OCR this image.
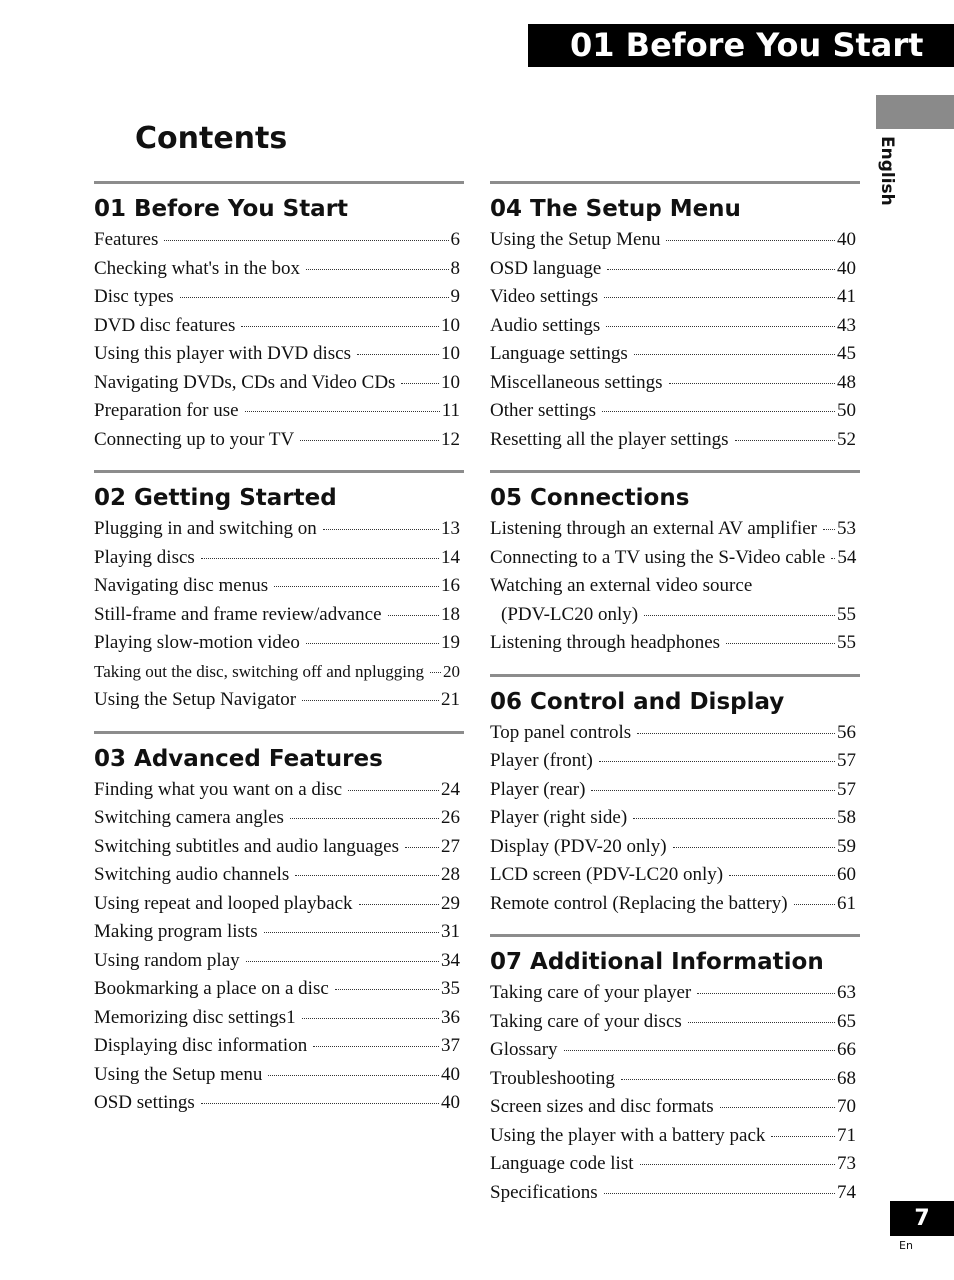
01 Before You Start
English
Contents
01 Before You Start
Features	6
Checking what's in the box	8
Disc types	9
DVD disc features	10
Using this player with DVD discs	10
Navigating DVDs, CDs and Video CDs 10
Preparation for use	11
Connecting up to your TV	12
02 Getting Started
Plugging in and switching on	13
Playing discs	14
Navigating disc menus	16
Still-frame and frame review/advance	18
Playing slow-motion video	19
Taking out the disc, switching off and nplugging 20
Using the Setup Navigator	21
03 Advanced Features
Finding what you want on a disc	24
Switching camera angles	26
Switching subtitles and audio languages 27
Switching audio channels	28
Using repeat and looped playback	29
Making program lists	31
Using random play	34
Bookmarking a place on a disc	35
Memorizing disc settings1	36
Displaying disc information	37
Using the Setup menu	40
OSD settings	40
04 The Setup Menu
Using the Setup Menu	40
OSD language	40
Video settings	41
Audio settings	43
Language settings	45
Miscellaneous settings	48
Other settings	50
Resetting all the player settings	52
05 Connections
Listening through an external AV amplifier 53
Connecting to a TV using the S-Video cable 54
Watching an external video source
(PDV-LC20 only)	55
Listening through headphones	55
06 Control and Display
Top panel controls	56
Player (front)	57
Player (rear)	57
Player (right side)	58
Display (PDV-20 only)	59
LCD screen (PDV-LC20 only)	60
Remote control (Replacing the battery)	61
07 Additional Information
Taking care of your player	63
Taking care of your discs	65
Glossary	66
Troubleshooting	68
Screen sizes and disc formats	70
Using the player with a battery pack	71
Language code list	73
Specifications	74
7
En
